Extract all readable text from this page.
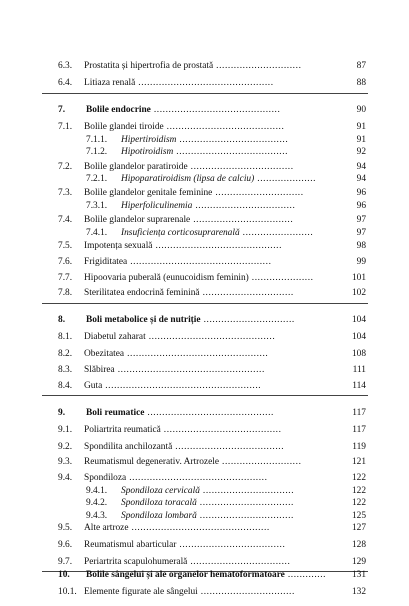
6.3. Prostatita și hipertrofia de prostată .............................	87
6.4. Litiaza renală ..............................................	88
7. Bolile endocrine ...........................................	90
7.1. Bolile glandei tiroide ........................................	91
7.1.1. Hipertiroidism .....................................	91
7.1.2. Hipotiroidism ......................................	92
7.2. Bolile glandelor paratiroide ...................................	94
7.2.1. Hipoparatiroidism (lipsa de calciu) ....................	94
7.3. Bolile glandelor genitale feminine ..............................	96
7.3.1. Hiperfoliculinemia ..................................	96
7.4. Bolile glandelor suprarenale ..................................	97
7.4.1. Insuficiența corticosuprarenală ........................	97
7.5. Impotența sexuală ...........................................	98
7.6. Frigiditatea ................................................	99
7.7. Hipoovaria puberală (eunucoidism feminin) .....................	101
7.8. Sterilitatea endocrină feminină ...............................	102
8. Boli metabolice și de nutriție ...............................	104
8.1. Diabetul zaharat ...........................................	104
8.2. Obezitatea ................................................	108
8.3. Slăbirea ..................................................	111
8.4. Guta .....................................................	114
9. Boli reumatice ...........................................	117
9.1. Poliartrita reumatică ........................................	117
9.2. Spondilita anchilozantă .....................................	119
9.3. Reumatismul degenerativ. Artrozele ...........................	121
9.4. Spondiloza ...............................................	122
9.4.1. Spondiloza cervicală ...............................	122
9.4.2. Spondiloza toracală ................................	122
9.4.3. Spondiloza lombară ................................	125
9.5. Alte artroze ...............................................	127
9.6. Reumatismul abarticular ....................................	128
9.7. Periartrita scapulohumerală ..................................	129
10. Bolile sângelui și ale organelor hematoformatoare .............	131
10.1. Elemente figurate ale sângelui ................................	132
